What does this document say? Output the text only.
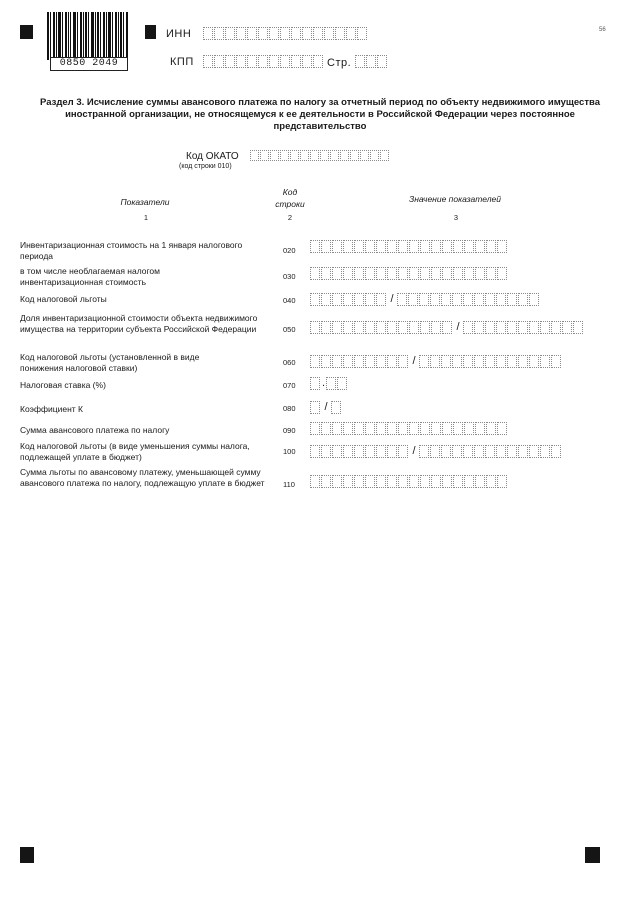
0850 2049
ИНН
КПП	Стр.
56
Раздел 3. Исчисление суммы авансового платежа по налогу за отчетный период по объекту недвижимого имущества иностранной организации, не относящемуся к ее деятельности в Российской Федерации через постоянное представительство
Код ОКАТО
(код строки 010)
Показатели
Код
строки	Значение показателей
1	2	3
Инвентаризационная стоимость на 1 января налогового периода	020
в том числе необлагаемая налогом инвентаризационная стоимость	030
Код налоговой льготы	040	/
Доля инвентаризационной стоимости объекта недвижимого имущества на территории субъекта Российской Федерации	050	/
Код налоговой льготы (установленной в виде понижения налоговой ставки)	060	/
Налоговая ставка (%)	070 .
Коэффициент К	080	/
Сумма авансового платежа по налогу	090
Код налоговой льготы (в виде уменьшения суммы налога, подлежащей уплате в бюджет)	100	/
Сумма льготы по авансовому платежу, уменьшающей сумму авансового платежа по налогу, подлежащую уплате в бюджет	110
